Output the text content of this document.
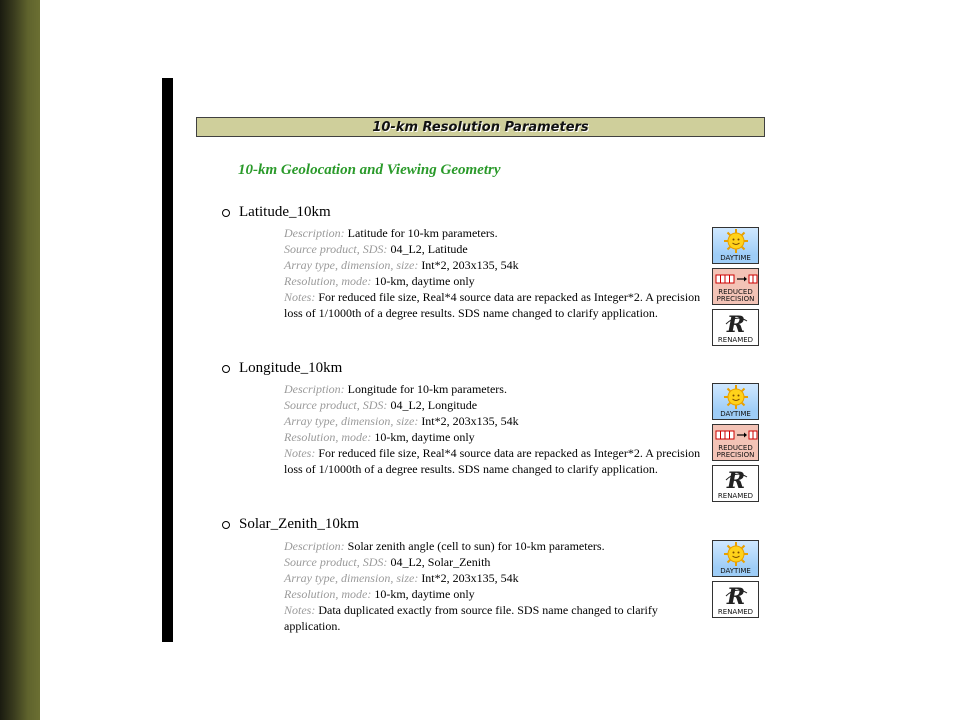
10-km Resolution Parameters
10-km Geolocation and Viewing Geometry
Latitude_10km
Description: Latitude for 10-km parameters.
Source product, SDS: 04_L2, Latitude
Array type, dimension, size: Int*2, 203x135, 54k
Resolution, mode: 10-km, daytime only
Notes: For reduced file size, Real*4 source data are repacked as Integer*2. A precision loss of 1/1000th of a degree results. SDS name changed to clarify application.
DAYTIME
REDUCED
PRECISION
R
RENAMED
Longitude_10km
Description: Longitude for 10-km parameters.
Source product, SDS: 04_L2, Longitude
Array type, dimension, size: Int*2, 203x135, 54k
Resolution, mode: 10-km, daytime only
Notes: For reduced file size, Real*4 source data are repacked as Integer*2. A precision loss of 1/1000th of a degree results. SDS name changed to clarify application.
DAYTIME
REDUCED
PRECISION
R
RENAMED
Solar_Zenith_10km
Description: Solar zenith angle (cell to sun) for 10-km parameters.
Source product, SDS: 04_L2, Solar_Zenith
Array type, dimension, size: Int*2, 203x135, 54k
Resolution, mode: 10-km, daytime only
Notes: Data duplicated exactly from source file. SDS name changed to clarify application.
DAYTIME
R
RENAMED
